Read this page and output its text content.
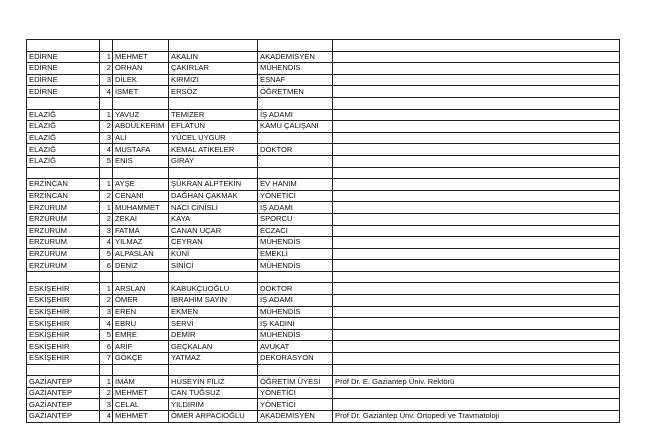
EDİRNE	1	MEHMET	AKALIN	AKADEMİSYEN	
EDİRNE	2	ORHAN	ÇAKIRLAR	MÜHENDİS	
EDİRNE	3	DİLEK	KIRMIZI	ESNAF	
EDİRNE	4	İSMET	ERSÖZ	ÖĞRETMEN	

ELAZIĞ	1	YAVUZ	TEMİZER	İŞ ADAMI	
ELAZIĞ	2	ABDÜLKERİM	EFLATUN	KAMU ÇALIŞANI	
ELAZIĞ	3	ALİ	YÜCEL UYGUR		
ELAZIĞ	4	MUSTAFA	KEMAL ATİKELER	DOKTOR	
ELAZIĞ	5	ENİS	GİRAY		

ERZİNCAN	1	AYŞE	ŞÜKRAN ALPTEKİN	EV HANIM	
ERZİNCAN	2	CENANİ	DAĞHAN ÇAKMAK	YÖNETİCİ	
ERZURUM	1	MUHAMMET	NACİ CİNİSLİ	İŞ ADAMI	
ERZURUM	2	ZEKAİ	KAYA	SPORCU	
ERZURUM	3	FATMA	CANAN UÇAR	ECZACI	
ERZURUM	4	YILMAZ	CEYRAN	MÜHENDİS	
ERZURUM	5	ALPASLAN	KÜNİ	EMEKLİ	
ERZURUM	6	DENİZ	SİNİCİ	MÜHENDİS	

ESKİŞEHİR	1	ARSLAN	KABUKÇUOĞLU	DOKTOR	
ESKİŞEHİR	2	ÖMER	İBRAHİM SAYIN	İŞ ADAMI	
ESKİŞEHİR	3	EREN	EKMEN	MÜHENDİS	
ESKİŞEHİR	4	EBRU	SERVİ	İŞ KADINI	
ESKİŞEHİR	5	EMRE	DEMİR	MÜHENDİS	
ESKİŞEHİR	6	ARİF	GEÇKALAN	AVUKAT	
ESKİŞEHİR	7	GÖKÇE	YATMAZ	DEKORASYON	

GAZİANTEP	1	İMAM	HÜSEYİN FİLİZ	ÖĞRETİM ÜYESİ	Prof Dr. E. Gaziantep Üniv. Rektörü
GAZİANTEP	2	MEHMET	CAN TUĞSUZ	YÖNETİCİ	
GAZİANTEP	3	CELAL	YILDIRIM	YÖNETİCİ	
GAZİANTEP	4	MEHMET	ÖMER ARPACIOĞLU	AKADEMİSYEN	Prof Dr. Gaziantep Ünv. Ortopedi ve Travmatoloji
